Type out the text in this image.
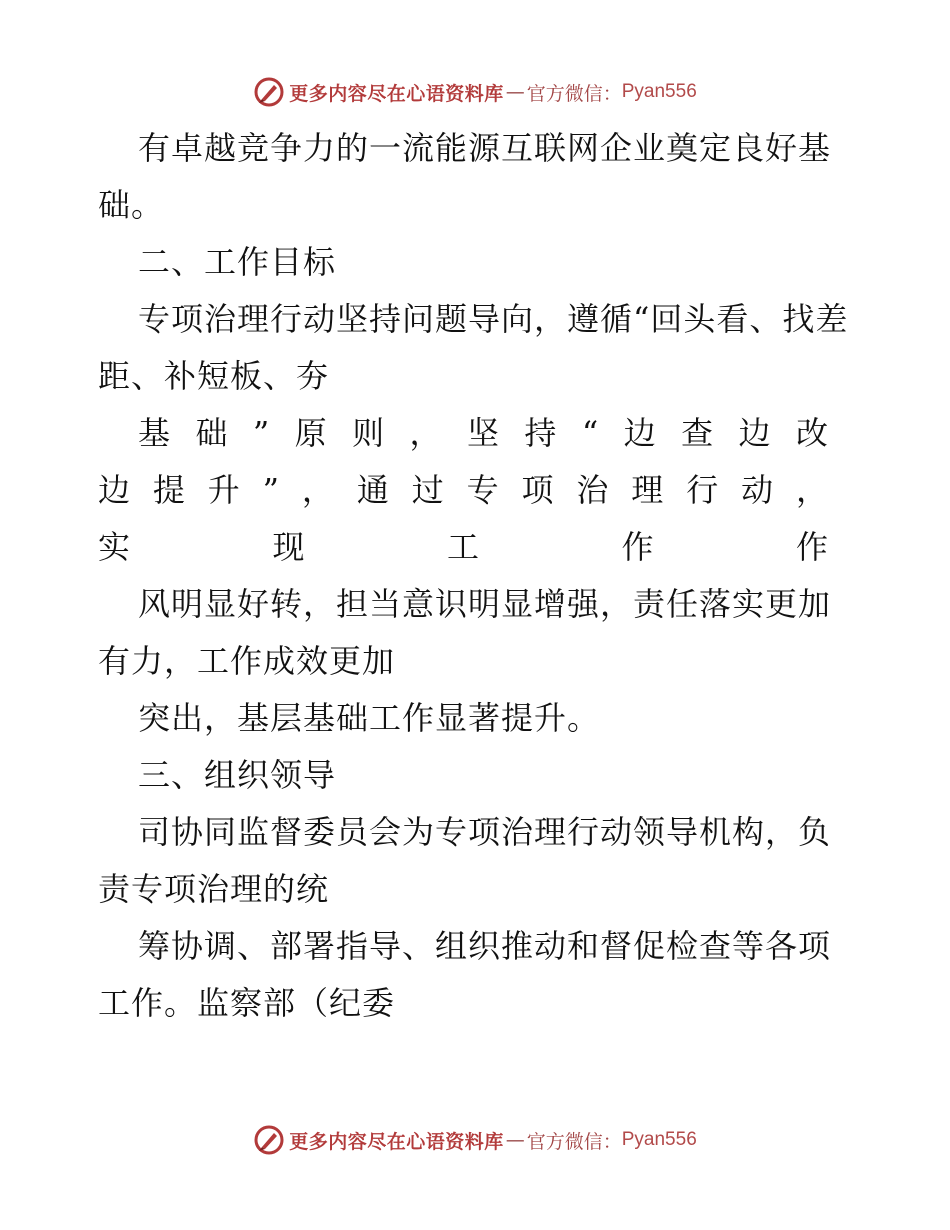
更多内容尽在心语资料库 — 官方微信： Pyan556

有卓越竞争力的一流能源互联网企业奠定良好基础。

二、工作目标

专项治理行动坚持问题导向，遵循“回头看、找差距、补短板、夯

基础”原则，坚持“边查边改边提升”，通过专项治理行动，实现工作作

风明显好转，担当意识明显增强，责任落实更加有力，工作成效更加

突出，基层基础工作显著提升。

三、组织领导

司协同监督委员会为专项治理行动领导机构，负责专项治理的统

筹协调、部署指导、组织推动和督促检查等各项工作。监察部（纪委

更多内容尽在心语资料库 — 官方微信： Pyan556
